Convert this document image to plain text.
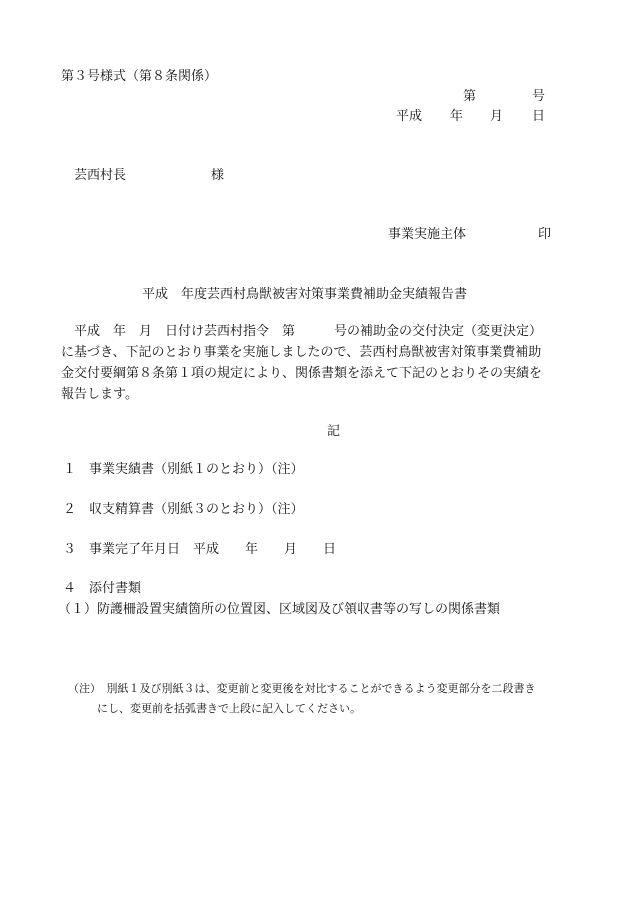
第３号様式（第８条関係）
第	号
平成 年 月 日
芸西村長	様
事業実施主体	印
平成　年度芸西村鳥獣被害対策事業費補助金実績報告書
　平成　年　月　日付け芸西村指令　第　　　号の補助金の交付決定（変更決定）
に基づき、下記のとおり事業を実施しましたので、芸西村鳥獣被害対策事業費補助
金交付要綱第８条第１項の規定により、関係書類を添えて下記のとおりその実績を
報告します。
記
１　事業実績書（別紙１のとおり）（注）
２　収支精算書（別紙３のとおり）（注）
３　事業完了年月日　平成　　年　　月　　日
４　添付書類
（１）防護柵設置実績箇所の位置図、区域図及び領収書等の写しの関係書類
（注）　別紙１及び別紙３は、変更前と変更後を対比することができるよう変更部分を二段書き
にし、変更前を括弧書きで上段に記入してください。
